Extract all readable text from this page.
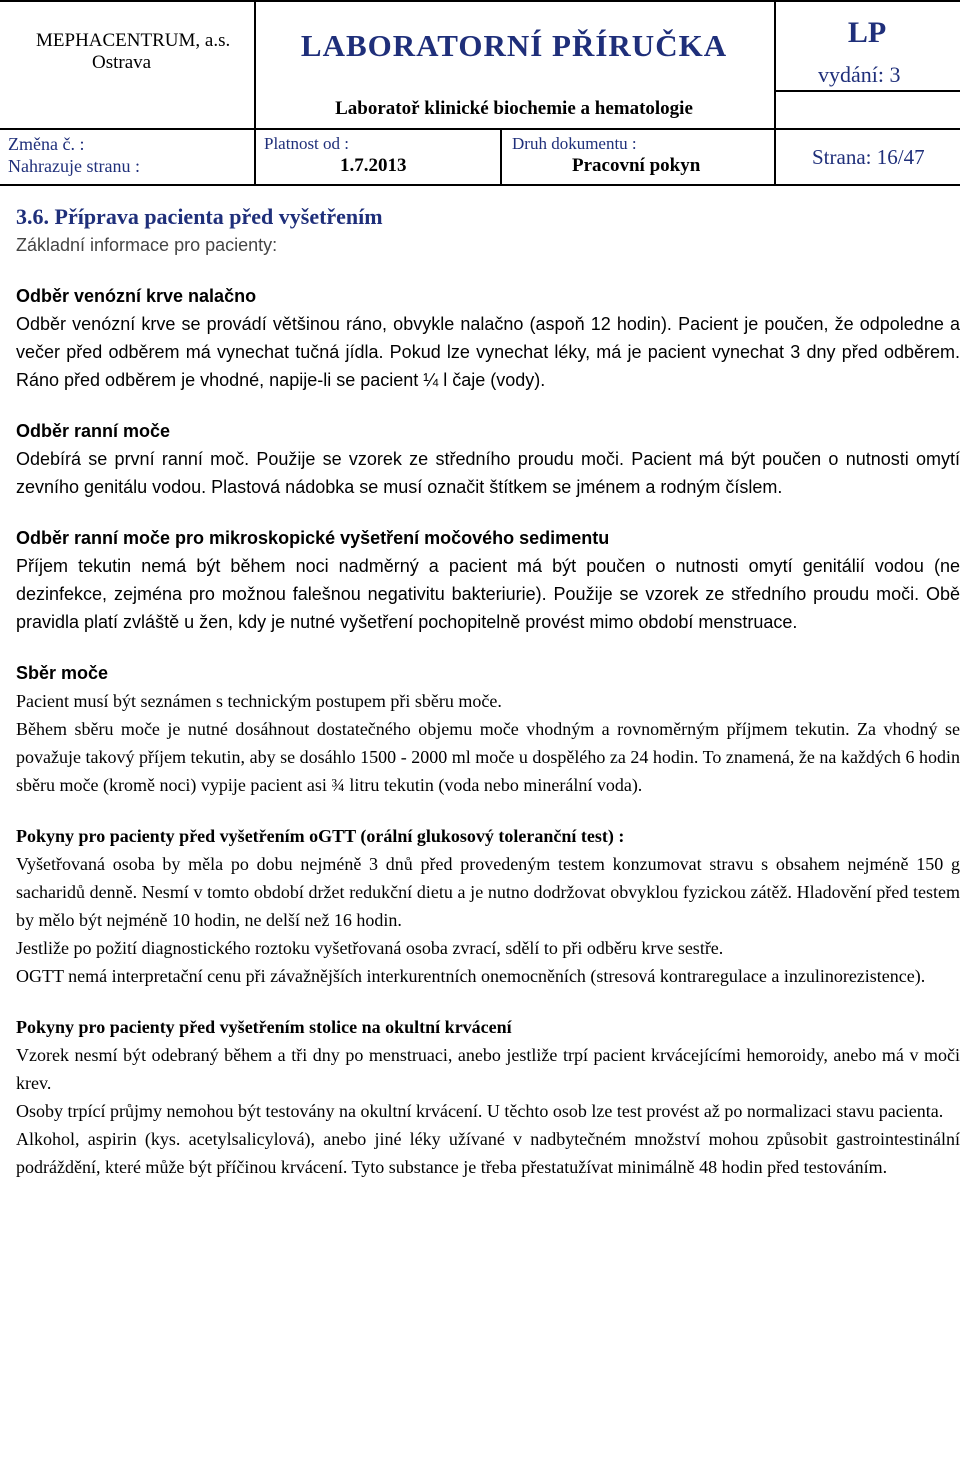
MEPHACENTRUM, a.s.
Ostrava	LABORATORNÍ PŘÍRUČKA
Laboratoř klinické biochemie a hematologie
LP
vydání: 3
Změna č. :
Nahrazuje stranu :
Platnost od :
1.7.2013
Druh dokumentu :
Pracovní pokyn	Strana: 16/47

3.6. Příprava pacienta před vyšetřením

Základní informace pro pacienty:

Odběr venózní krve nalačno

Odběr venózní krve se provádí většinou ráno, obvykle nalačno (aspoň 12 hodin). Pacient je poučen, že odpoledne a večer před odběrem má vynechat tučná jídla. Pokud lze vynechat léky, má je pacient vynechat 3 dny před odběrem. Ráno před odběrem je vhodné, napije-li se pacient ¼ l čaje (vody).

Odběr ranní moče

Odebírá se první ranní moč. Použije se vzorek ze středního proudu moči. Pacient má být poučen o nutnosti omytí zevního genitálu vodou. Plastová nádobka se musí označit štítkem se jménem a rodným číslem.

Odběr ranní moče pro mikroskopické vyšetření močového sedimentu

Příjem tekutin nemá být během noci nadměrný a pacient má být poučen o nutnosti omytí genitálií vodou (ne dezinfekce, zejména pro možnou falešnou negativitu bakteriurie). Použije se vzorek ze středního proudu moči. Obě pravidla platí zvláště u žen, kdy je nutné vyšetření pochopitelně provést mimo období menstruace.

Sběr moče

Pacient musí být seznámen s technickým postupem při sběru moče.

Během sběru moče je nutné dosáhnout dostatečného objemu moče vhodným a rovnoměrným příjmem tekutin. Za vhodný se považuje takový příjem tekutin, aby se dosáhlo 1500 - 2000 ml moče u dospělého za 24 hodin. To znamená, že na každých 6 hodin sběru moče (kromě noci) vypije pacient asi ¾ litru tekutin (voda nebo minerální voda).

Pokyny pro pacienty před vyšetřením oGTT (orální glukosový toleranční test) :

Vyšetřovaná osoba by měla po dobu nejméně 3 dnů před provedeným testem konzumovat stravu s obsahem nejméně 150 g sacharidů denně. Nesmí v tomto období držet redukční dietu a je nutno dodržovat obvyklou fyzickou zátěž. Hladovění před testem by mělo být nejméně 10 hodin, ne delší než 16 hodin.

Jestliže po požití diagnostického roztoku vyšetřovaná osoba zvrací, sdělí to při odběru krve sestře.

OGTT nemá interpretační cenu při závažnějších interkurentních onemocněních (stresová kontraregulace a inzulinorezistence).

Pokyny pro pacienty před vyšetřením stolice na okultní krvácení

Vzorek nesmí být odebraný během a tři dny po menstruaci, anebo jestliže trpí pacient krvácejícími hemoroidy, anebo má v moči krev.

Osoby trpící průjmy nemohou být testovány na okultní krvácení. U těchto osob lze test provést až po normalizaci stavu pacienta.

Alkohol, aspirin (kys. acetylsalicylová), anebo jiné léky užívané v nadbytečném množství mohou způsobit gastrointestinální podráždění, které může být příčinou krvácení. Tyto substance je třeba přestatužívat minimálně 48 hodin před testováním.
